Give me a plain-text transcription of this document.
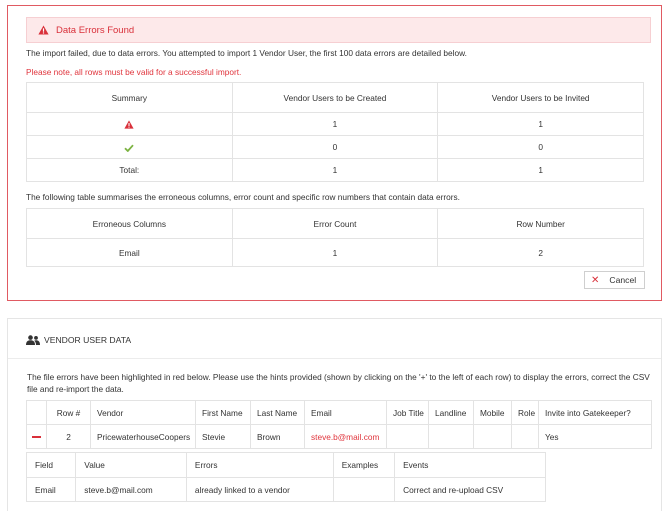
Data Errors Found
The import failed, due to data errors. You attempted to import 1 Vendor User, the first 100 data errors are detailed below.
Please note, all rows must be valid for a successful import.
Summary	Vendor Users to be Created	Vendor Users to be Invited
	1	1
	0	0
Total:	1	1
The following table summarises the erroneous columns, error count and specific row numbers that contain data errors.
Erroneous Columns	Error Count	Row Number
Email	1	2
✕ Cancel
VENDOR USER DATA
The file errors have been highlighted in red below. Please use the hints provided (shown by clicking on the '+' to the left of each row) to display the errors, correct the CSV file and re-import the data.
	Row #	Vendor	First Name	Last Name	Email	Job Title	Landline	Mobile	Role	Invite into Gatekeeper?
	2	PricewaterhouseCoopers	Stevie	Brown	steve.b@mail.com					Yes
Field	Value	Errors	Examples	Events
Email	steve.b@mail.com	already linked to a vendor		Correct and re-upload CSV
